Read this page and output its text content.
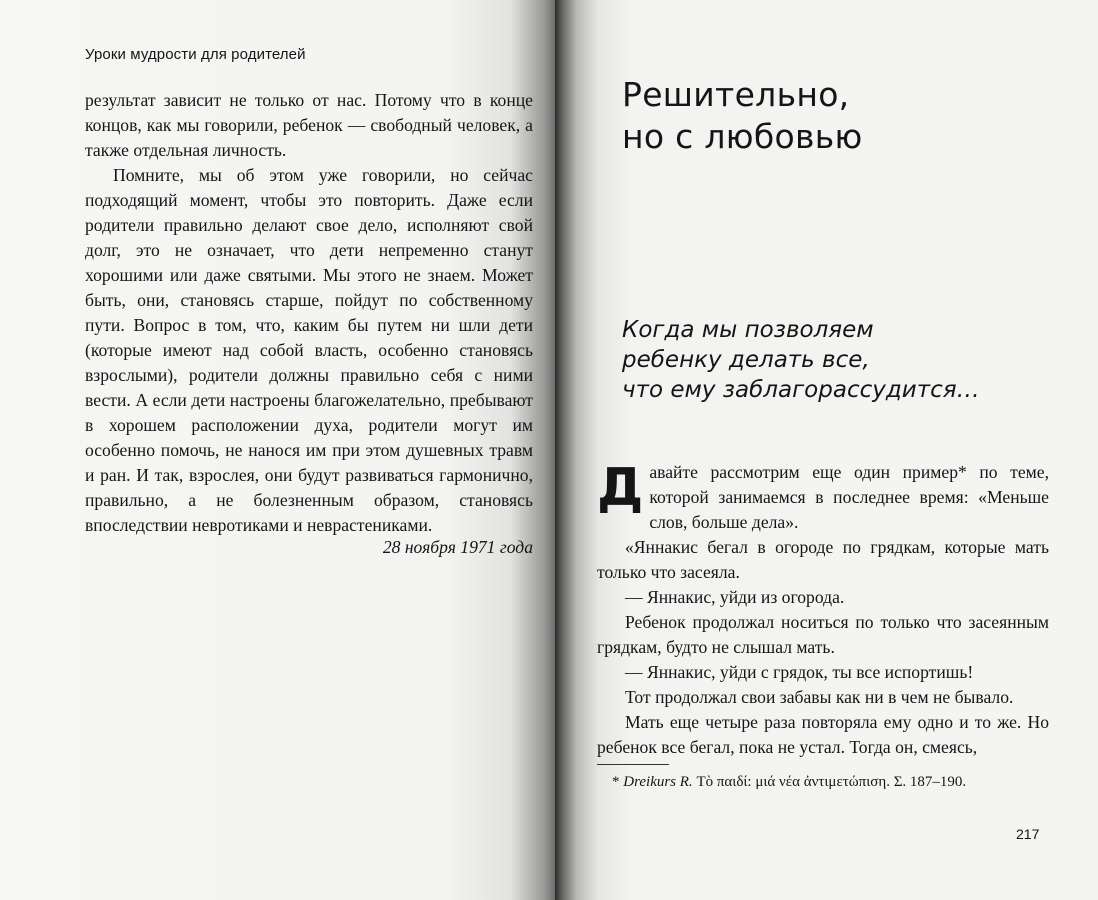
Уроки мудрости для родителей

результат зависит не только от нас. Потому что в конце концов, как мы говорили, ребенок — свободный человек, а также отдельная личность.

Помните, мы об этом уже говорили, но сейчас подходящий момент, чтобы это повторить. Даже если родители правильно делают свое дело, исполняют свой долг, это не означает, что дети непременно станут хорошими или даже святыми. Мы этого не знаем. Может быть, они, становясь старше, пойдут по собственному пути. Вопрос в том, что, каким бы путем ни шли дети (которые имеют над собой власть, особенно становясь взрослыми), родители должны правильно себя с ними вести. А если дети настроены благожелательно, пребывают в хорошем расположении духа, родители могут им особенно помочь, не нанося им при этом душевных травм и ран. И так, взрослея, они будут развиваться гармонично, правильно, а не болезненным образом, становясь впоследствии невротиками и неврастениками.

28 ноября 1971 года
Решительно,
но с любовью
Когда мы позволяем
ребенку делать все,
что ему заблагорассудится…

Давайте рассмотрим еще один пример* по теме, которой занимаемся в последнее время: «Меньше слов, больше дела».

«Яннакис бегал в огороде по грядкам, которые мать только что засеяла.

— Яннакис, уйди из огорода.

Ребенок продолжал носиться по только что засеянным грядкам, будто не слышал мать.

— Яннакис, уйди с грядок, ты все испортишь!

Тот продолжал свои забавы как ни в чем не бывало.

Мать еще четыре раза повторяла ему одно и то же. Но ребенок все бегал, пока не устал. Тогда он, смеясь,

* Dreikurs R. Τὸ παιδί: μιά νέα ἀντιμετώπιση. Σ. 187–190.
217
